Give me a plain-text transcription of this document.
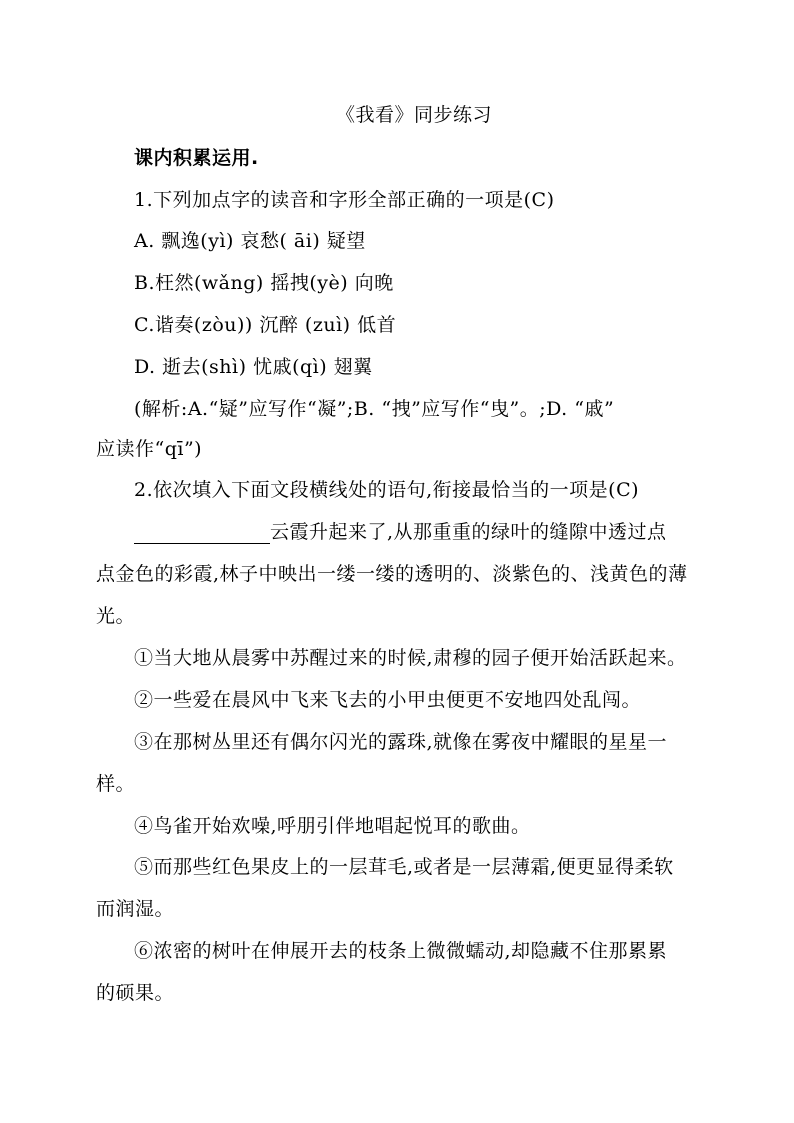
《我看》同步练习
课内积累运用.
1.下列加点字的读音和字形全部正确的一项是(C)
A. 飘逸(yì) 哀愁( āi) 疑望
B.枉然(wǎng) 摇拽(yè) 向晚
C.谐奏(zòu)) 沉醉 (zuì) 低首
D. 逝去(shì) 忧戚(qì) 翅翼
(解析:A.“疑”应写作“凝”;B. “拽”应写作“曳”。;D. “戚”
应读作“qī”)
2.依次填入下面文段横线处的语句,衔接最恰当的一项是(C)
云霞升起来了,从那重重的绿叶的缝隙中透过点
点金色的彩霞,林子中映出一缕一缕的透明的、淡紫色的、浅黄色的薄
光。
①当大地从晨雾中苏醒过来的时候,肃穆的园子便开始活跃起来。
②一些爱在晨风中飞来飞去的小甲虫便更不安地四处乱闯。
③在那树丛里还有偶尔闪光的露珠,就像在雾夜中耀眼的星星一
样。
④鸟雀开始欢噪,呼朋引伴地唱起悦耳的歌曲。
⑤而那些红色果皮上的一层茸毛,或者是一层薄霜,便更显得柔软
而润湿。
⑥浓密的树叶在伸展开去的枝条上微微蠕动,却隐藏不住那累累
的硕果。
